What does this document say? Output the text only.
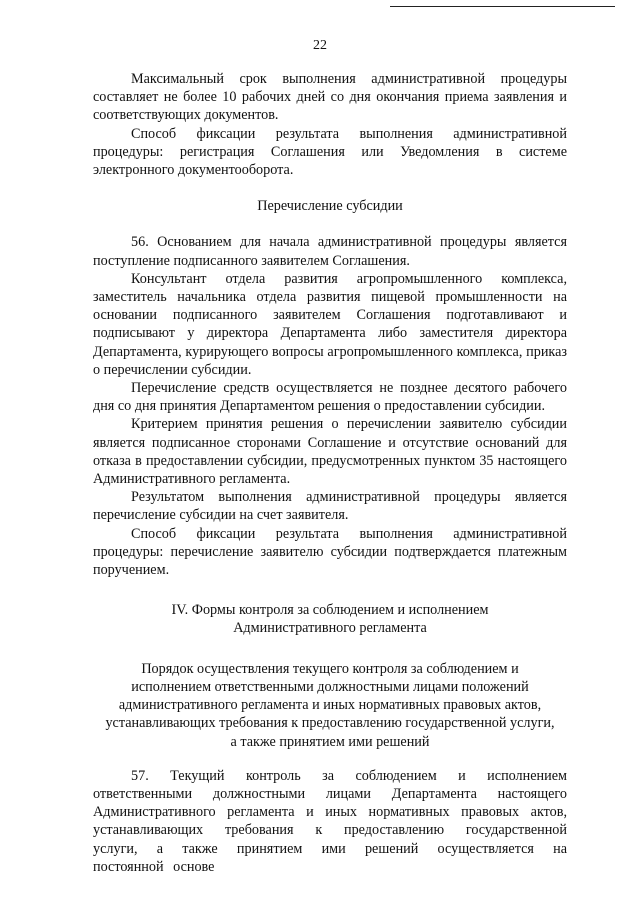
22

Максимальный срок выполнения административной процедуры составляет не более 10 рабочих дней со дня окончания приема заявления и соответствующих документов.

Способ фиксации результата выполнения административной процедуры: регистрация Соглашения или Уведомления в системе электронного документооборота.

Перечисление субсидии

56. Основанием для начала административной процедуры является поступление подписанного заявителем Соглашения.

Консультант отдела развития агропромышленного комплекса, заместитель начальника отдела развития пищевой промышленности на основании подписанного заявителем Соглашения подготавливают и подписывают у директора Департамента либо заместителя директора Департамента, курирующего вопросы агропромышленного комплекса, приказ о перечислении субсидии.

Перечисление средств осуществляется не позднее десятого рабочего дня со дня принятия Департаментом решения о предоставлении субсидии.

Критерием принятия решения о перечислении заявителю субсидии является подписанное сторонами Соглашение и отсутствие оснований для отказа в предоставлении субсидии, предусмотренных пунктом 35 настоящего Административного регламента.

Результатом выполнения административной процедуры является перечисление субсидии на счет заявителя.

Способ фиксации результата выполнения административной процедуры: перечисление заявителю субсидии подтверждается платежным поручением.

IV. Формы контроля за соблюдением и исполнением
Административного регламента

Порядок осуществления текущего контроля за соблюдением и
исполнением ответственными должностными лицами положений
административного регламента и иных нормативных правовых актов,
устанавливающих требования к предоставлению государственной услуги,
а также принятием ими решений

57. Текущий контроль за соблюдением и исполнением ответственными должностными лицами Департамента настоящего Административного регламента и иных нормативных правовых актов, устанавливающих требования к предоставлению государственной услуги, а также принятием ими решений осуществляется на постоянной основе
